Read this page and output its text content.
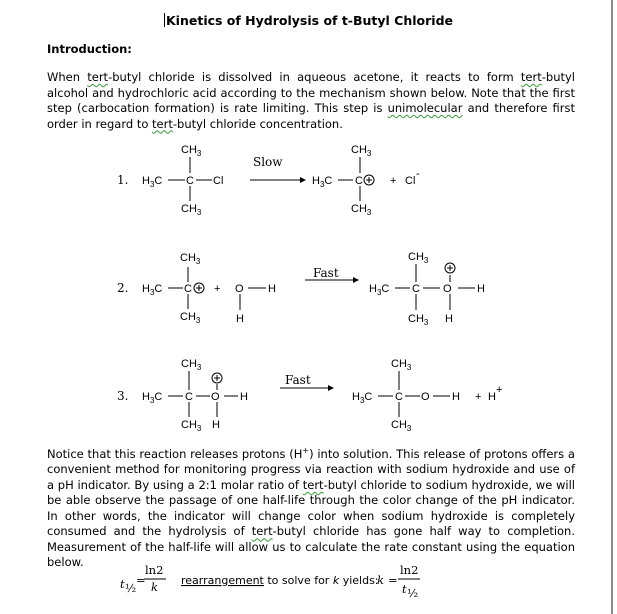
Kinetics of Hydrolysis of t-Butyl Chloride
Introduction:
When tert-butyl chloride is dissolved in aqueous acetone, it reacts to form tert-butyl alcohol and hydrochloric acid according to the mechanism shown below. Note that the first step (carbocation formation) is rate limiting. This step is unimolecular and therefore first order in regard to tert-butyl chloride concentration.
1. $H_3C$ C Cl
$CH_3$
$CH_3$
Slow
$H_3C$ C
$CH_3$
$CH_3$
+ Cl
-
2. $H_3C$ C
$CH_3$
$CH_3$
+ O H
H
Fast
$H_3C$ C O H
$CH_3$
$CH_3$ H
3. $H_3C$ C O H
$CH_3$
$CH_3$ H
Fast
$H_3C$ C O H
$CH_3$
$CH_3$
+ H
+
Notice that this reaction releases protons (H+) into solution. This release of protons offers a convenient method for monitoring progress via reaction with sodium hydroxide and use of a pH indicator. By using a 2:1 molar ratio of tert-butyl chloride to sodium hydroxide, we will be able observe the passage of one half-life through the color change of the pH indicator. In other words, the indicator will change color when sodium hydroxide is completely consumed and the hydrolysis of tert-butyl chloride has gone half way to completion. Measurement of the half-life will allow us to calculate the rate constant using the equation below.
t ½
=
ln2
k rearrangement to solve for k yields:
k =
ln2
t ½
